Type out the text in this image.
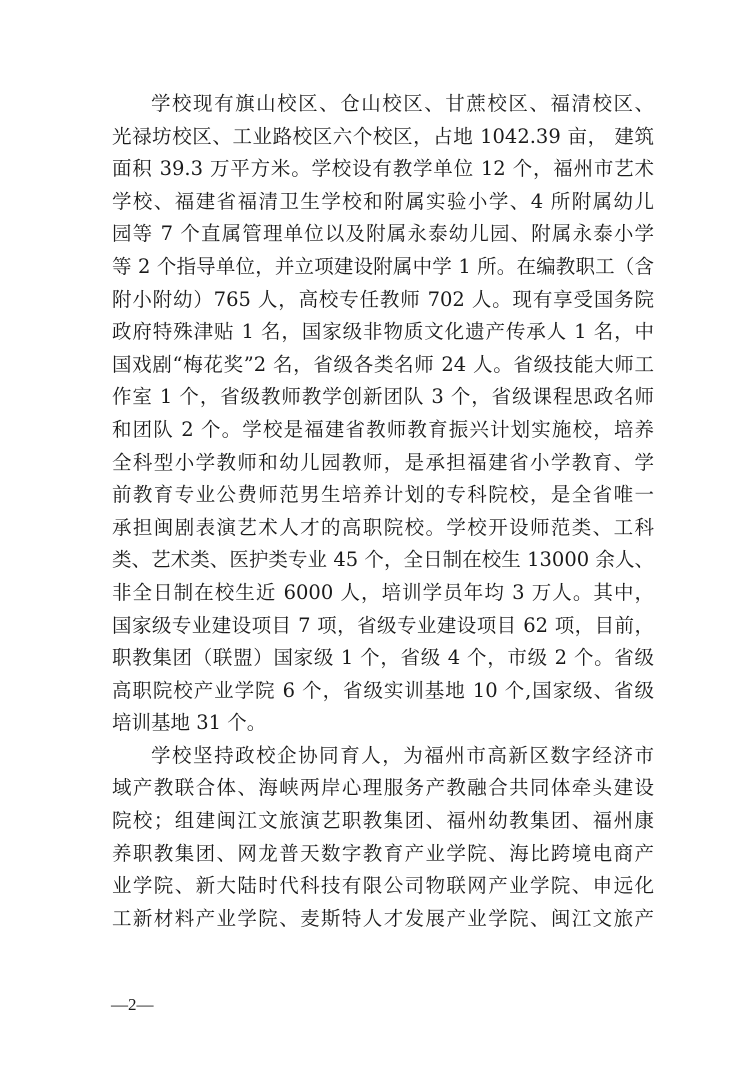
学校现有旗山校区、仓山校区、甘蔗校区、福清校区、
光禄坊校区、工业路校区六个校区，占地 1042.39 亩， 建筑
面积 39.3 万平方米。学校设有教学单位 12 个，福州市艺术
学校、福建省福清卫生学校和附属实验小学、4 所附属幼儿
园等 7 个直属管理单位以及附属永泰幼儿园、附属永泰小学
等 2 个指导单位，并立项建设附属中学 1 所。在编教职工（含
附小附幼）765 人，高校专任教师 702 人。现有享受国务院
政府特殊津贴 1 名，国家级非物质文化遗产传承人 1 名，中
国戏剧“梅花奖”2 名，省级各类名师 24 人。省级技能大师工
作室 1 个，省级教师教学创新团队 3 个，省级课程思政名师
和团队 2 个。学校是福建省教师教育振兴计划实施校，培养
全科型小学教师和幼儿园教师，是承担福建省小学教育、学
前教育专业公费师范男生培养计划的专科院校，是全省唯一
承担闽剧表演艺术人才的高职院校。学校开设师范类、工科
类、艺术类、医护类专业 45 个，全日制在校生 13000 余人、
非全日制在校生近 6000 人，培训学员年均 3 万人。其中，
国家级专业建设项目 7 项，省级专业建设项目 62 项，目前，
职教集团（联盟）国家级 1 个，省级 4 个，市级 2 个。省级
高职院校产业学院 6 个，省级实训基地 10 个,国家级、省级
培训基地 31 个。
学校坚持政校企协同育人，为福州市高新区数字经济市
域产教联合体、海峡两岸心理服务产教融合共同体牵头建设
院校；组建闽江文旅演艺职教集团、福州幼教集团、福州康
养职教集团、网龙普天数字教育产业学院、海比跨境电商产
业学院、新大陆时代科技有限公司物联网产业学院、申远化
工新材料产业学院、麦斯特人才发展产业学院、闽江文旅产
—2—
